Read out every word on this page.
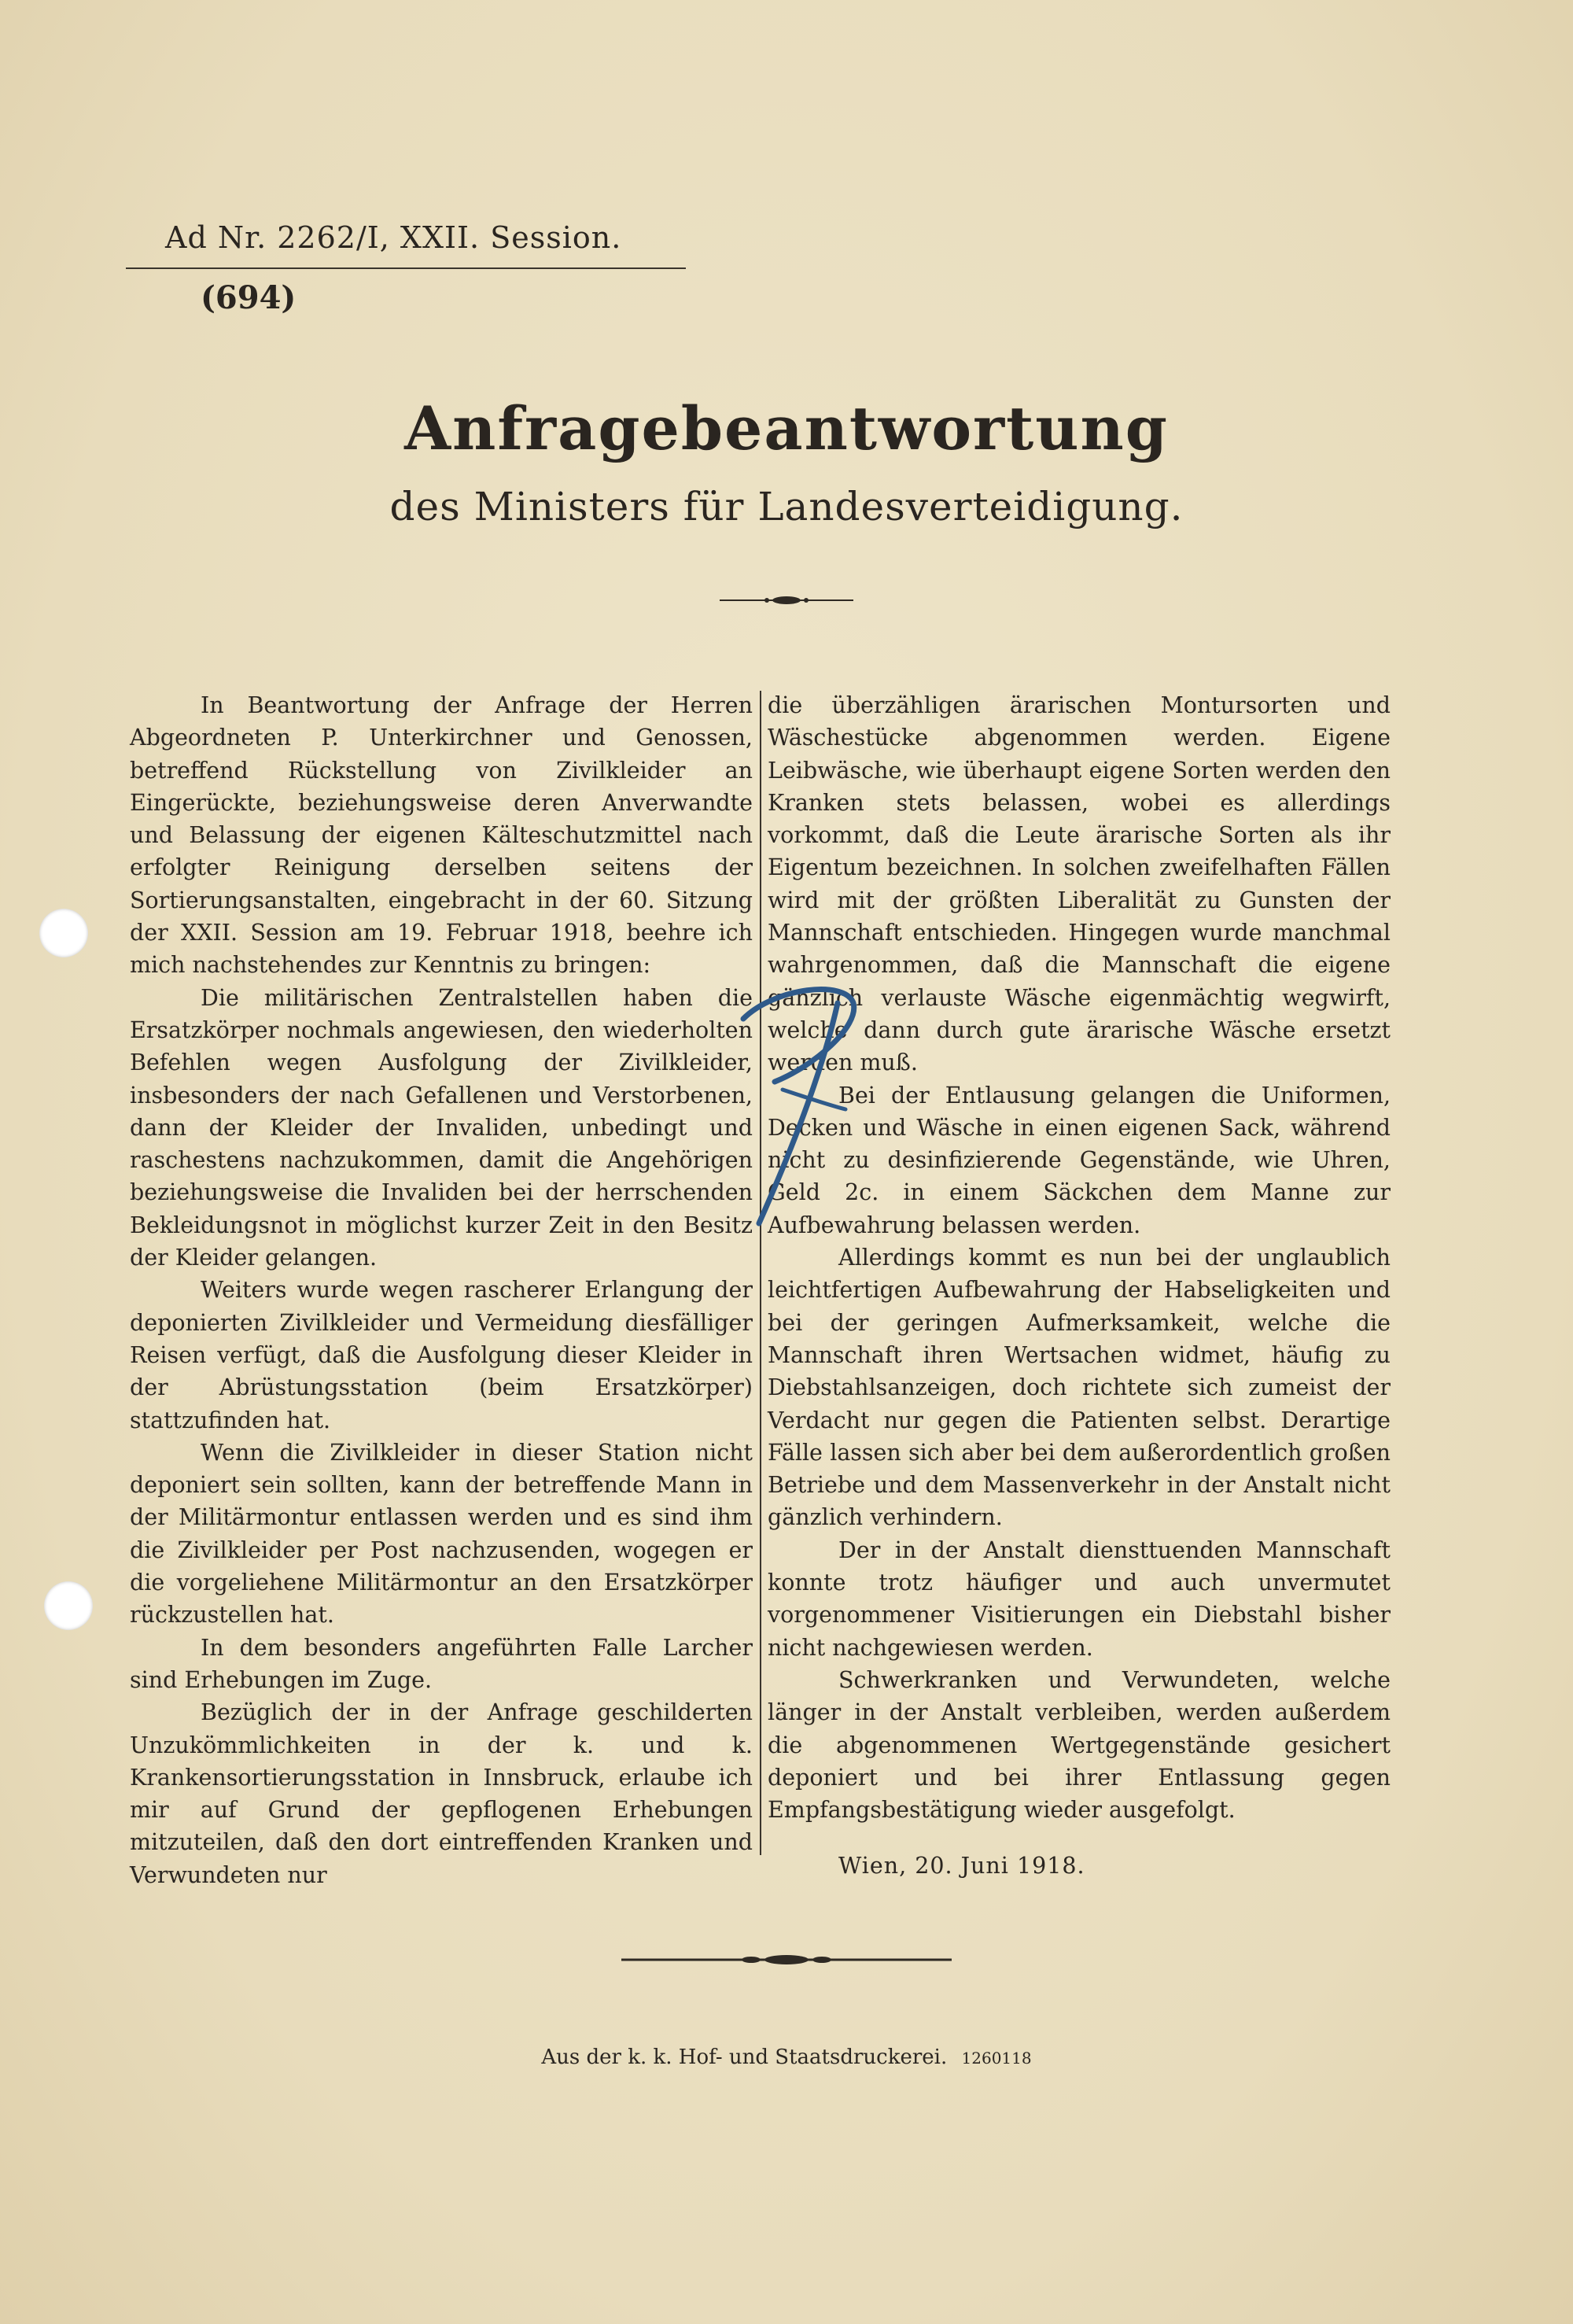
Ad Nr. 2262/I, XXII. Session.
(694)
Anfragebeantwortung
des Ministers für Landesverteidigung.

In Beantwortung der Anfrage der Herren Abgeordneten P. Unterkirchner und Genossen, betreffend Rückstellung von Zivilkleider an Eingerückte, beziehungsweise deren Anverwandte und Belassung der eigenen Kälteschutzmittel nach erfolgter Reinigung derselben seitens der Sortierungsanstalten, eingebracht in der 60. Sitzung der XXII. Session am 19. Februar 1918, beehre ich mich nachstehendes zur Kenntnis zu bringen:

Die militärischen Zentralstellen haben die Ersatzkörper nochmals angewiesen, den wiederholten Befehlen wegen Ausfolgung der Zivilkleider, insbesonders der nach Gefallenen und Verstorbenen, dann der Kleider der Invaliden, unbedingt und raschestens nachzukommen, damit die Angehörigen beziehungsweise die Invaliden bei der herrschenden Bekleidungsnot in möglichst kurzer Zeit in den Besitz der Kleider gelangen.

Weiters wurde wegen rascherer Erlangung der deponierten Zivilkleider und Vermeidung diesfälliger Reisen verfügt, daß die Ausfolgung dieser Kleider in der Abrüstungsstation (beim Ersatzkörper) stattzufinden hat.

Wenn die Zivilkleider in dieser Station nicht deponiert sein sollten, kann der betreffende Mann in der Militärmontur entlassen werden und es sind ihm die Zivilkleider per Post nachzusenden, wogegen er die vorgeliehene Militärmontur an den Ersatzkörper rückzustellen hat.

In dem besonders angeführten Falle Larcher sind Erhebungen im Zuge.

Bezüglich der in der Anfrage geschilderten Unzukömmlichkeiten in der k. und k. Krankensortierungsstation in Innsbruck, erlaube ich mir auf Grund der gepflogenen Erhebungen mitzuteilen, daß den dort eintreffenden Kranken und Verwundeten nur

die überzähligen ärarischen Montursorten und Wäschestücke abgenommen werden. Eigene Leibwäsche, wie überhaupt eigene Sorten werden den Kranken stets belassen, wobei es allerdings vorkommt, daß die Leute ärarische Sorten als ihr Eigentum bezeichnen. In solchen zweifelhaften Fällen wird mit der größten Liberalität zu Gunsten der Mannschaft entschieden. Hingegen wurde manchmal wahrgenommen, daß die Mannschaft die eigene gänzlich verlauste Wäsche eigenmächtig wegwirft, welche dann durch gute ärarische Wäsche ersetzt werden muß.

Bei der Entlausung gelangen die Uniformen, Decken und Wäsche in einen eigenen Sack, während nicht zu desinfizierende Gegenstände, wie Uhren, Geld 2c. in einem Säckchen dem Manne zur Aufbewahrung belassen werden.

Allerdings kommt es nun bei der unglaublich leichtfertigen Aufbewahrung der Habseligkeiten und bei der geringen Aufmerksamkeit, welche die Mannschaft ihren Wertsachen widmet, häufig zu Diebstahlsanzeigen, doch richtete sich zumeist der Verdacht nur gegen die Patienten selbst. Derartige Fälle lassen sich aber bei dem außerordentlich großen Betriebe und dem Massenverkehr in der Anstalt nicht gänzlich verhindern.

Der in der Anstalt diensttuenden Mannschaft konnte trotz häufiger und auch unvermutet vorgenommener Visitierungen ein Diebstahl bisher nicht nachgewiesen werden.

Schwerkranken und Verwundeten, welche länger in der Anstalt verbleiben, werden außerdem die abgenommenen Wertgegenstände gesichert deponiert und bei ihrer Entlassung gegen Empfangsbestätigung wieder ausgefolgt.

Wien, 20. Juni 1918.

Aus der k. k. Hof- und Staatsdruckerei. 1260118
